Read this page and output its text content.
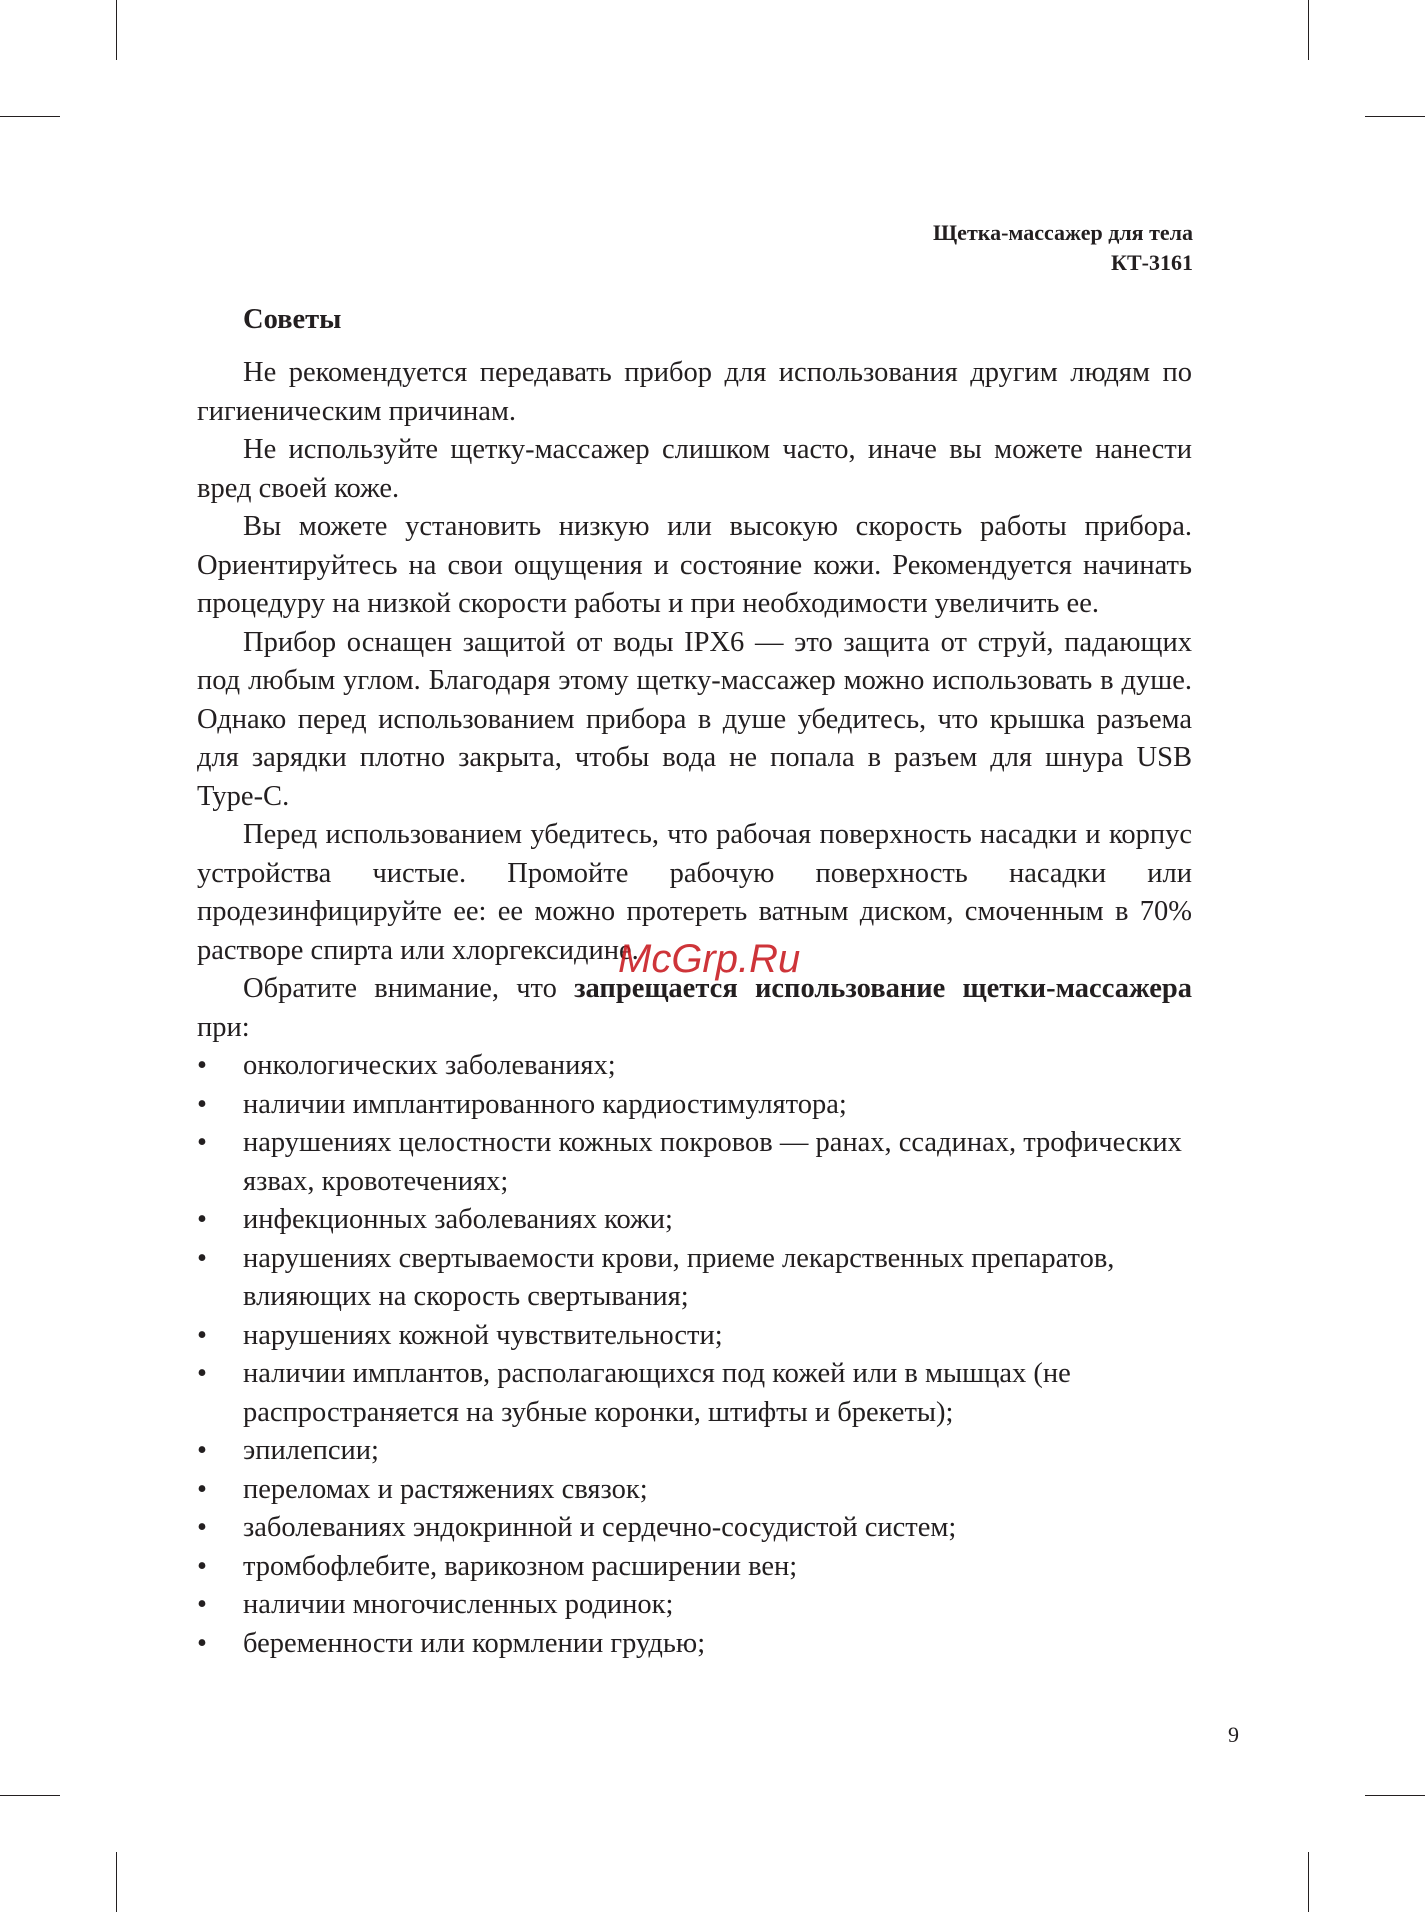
Щетка-массажер для тела
КТ-3161
Советы

Не рекомендуется передавать прибор для использования другим людям по гигиеническим причинам.

Не используйте щетку-массажер слишком часто, иначе вы можете нанести вред своей коже.

Вы можете установить низкую или высокую скорость работы прибора. Ориентируйтесь на свои ощущения и состояние кожи. Рекомендуется начинать процедуру на низкой скорости работы и при необходимости увеличить ее.

Прибор оснащен защитой от воды IPX6 — это защита от струй, падающих под любым углом. Благодаря этому щетку-массажер можно использовать в душе. Однако перед использованием прибора в душе убедитесь, что крышка разъема для зарядки плотно закрыта, чтобы вода не попала в разъем для шнура USB Type-C.

Перед использованием убедитесь, что рабочая поверхность насадки и корпус устройства чистые. Промойте рабочую поверхность насадки или продезинфицируйте ее: ее можно протереть ватным диском, смоченным в 70% растворе спирта или хлоргексидине.

Обратите внимание, что запрещается использование щетки-массажера при:

• онкологических заболеваниях;
• наличии имплантированного кардиостимулятора;
• нарушениях целостности кожных покровов — ранах, ссадинах, трофических язвах, кровотечениях;
• инфекционных заболеваниях кожи;
• нарушениях свертываемости крови, приеме лекарственных препаратов, влияющих на скорость свертывания;
• нарушениях кожной чувствительности;
• наличии имплантов, располагающихся под кожей или в мышцах (не распространяется на зубные коронки, штифты и брекеты);
• эпилепсии;
• переломах и растяжениях связок;
• заболеваниях эндокринной и сердечно-сосудистой систем;
• тромбофлебите, варикозном расширении вен;
• наличии многочисленных родинок;
• беременности или кормлении грудью;
McGrp.Ru
9
